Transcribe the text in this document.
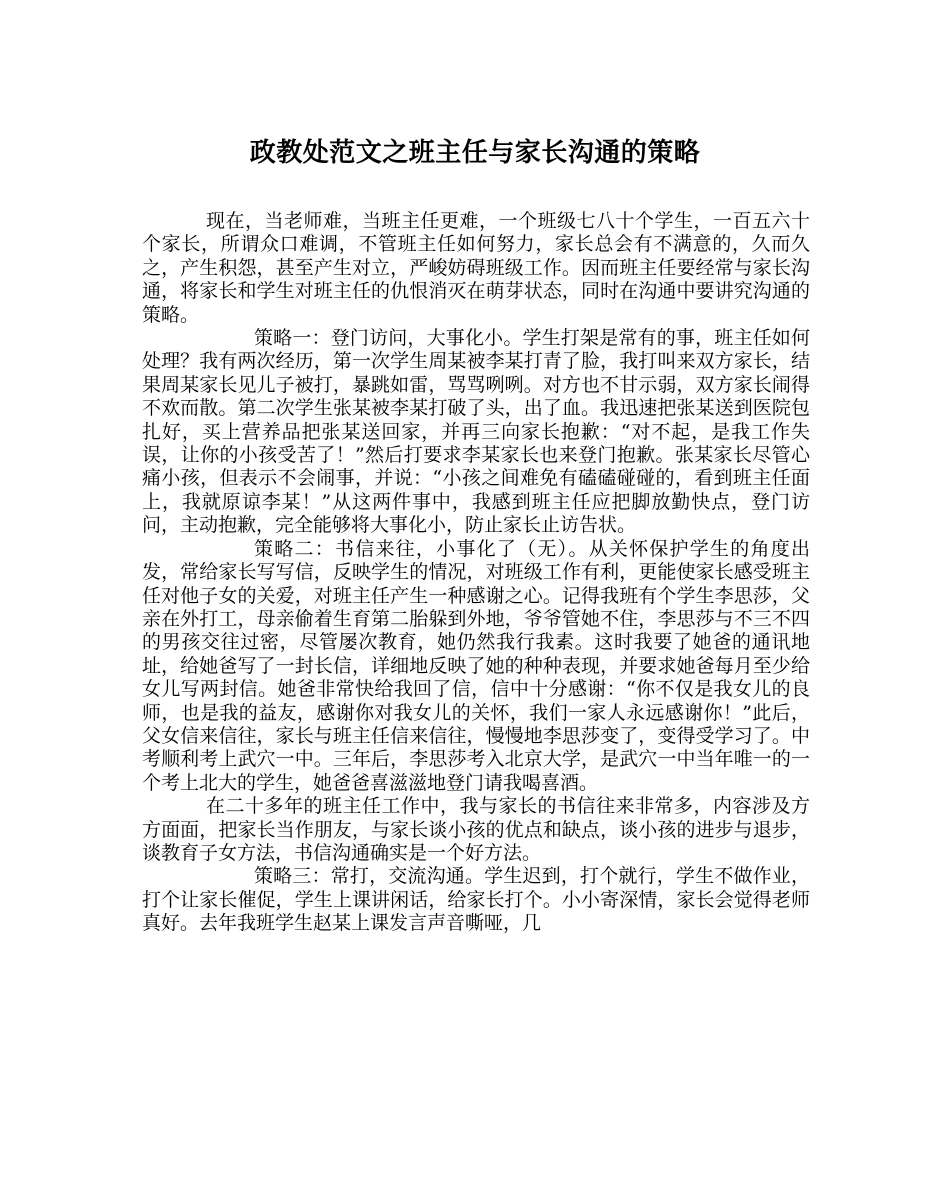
政教处范文之班主任与家长沟通的策略

现在，当老师难，当班主任更难，一个班级七八十个学生，一百五六十个家长，所谓众口难调，不管班主任如何努力，家长总会有不满意的，久而久之，产生积怨，甚至产生对立，严峻妨碍班级工作。因而班主任要经常与家长沟通，将家长和学生对班主任的仇恨消灭在萌芽状态，同时在沟通中要讲究沟通的策略。

策略一：登门访问，大事化小。学生打架是常有的事，班主任如何处理？我有两次经历，第一次学生周某被李某打青了脸，我打叫来双方家长，结果周某家长见儿子被打，暴跳如雷，骂骂咧咧。对方也不甘示弱，双方家长闹得不欢而散。第二次学生张某被李某打破了头，出了血。我迅速把张某送到医院包扎好，买上营养品把张某送回家，并再三向家长抱歉：“对不起，是我工作失误，让你的小孩受苦了！”然后打要求李某家长也来登门抱歉。张某家长尽管心痛小孩，但表示不会闹事，并说：“小孩之间难免有磕磕碰碰的，看到班主任面上，我就原谅李某！”从这两件事中，我感到班主任应把脚放勤快点，登门访问，主动抱歉，完全能够将大事化小，防止家长止访告状。

策略二：书信来往，小事化了（无）。从关怀保护学生的角度出发，常给家长写写信，反映学生的情况，对班级工作有利，更能使家长感受班主任对他子女的关爱，对班主任产生一种感谢之心。记得我班有个学生李思莎，父亲在外打工，母亲偷着生育第二胎躲到外地，爷爷管她不住，李思莎与不三不四的男孩交往过密，尽管屡次教育，她仍然我行我素。这时我要了她爸的通讯地址，给她爸写了一封长信，详细地反映了她的种种表现，并要求她爸每月至少给女儿写两封信。她爸非常快给我回了信，信中十分感谢：“你不仅是我女儿的良师，也是我的益友，感谢你对我女儿的关怀，我们一家人永远感谢你！”此后，父女信来信往，家长与班主任信来信往，慢慢地李思莎变了，变得受学习了。中考顺利考上武穴一中。三年后，李思莎考入北京大学，是武穴一中当年唯一的一个考上北大的学生，她爸爸喜滋滋地登门请我喝喜酒。

在二十多年的班主任工作中，我与家长的书信往来非常多，内容涉及方方面面，把家长当作朋友，与家长谈小孩的优点和缺点，谈小孩的进步与退步，谈教育子女方法，书信沟通确实是一个好方法。

策略三：常打，交流沟通。学生迟到，打个就行，学生不做作业，打个让家长催促，学生上课讲闲话，给家长打个。小小寄深情，家长会觉得老师真好。去年我班学生赵某上课发言声音嘶哑，几
